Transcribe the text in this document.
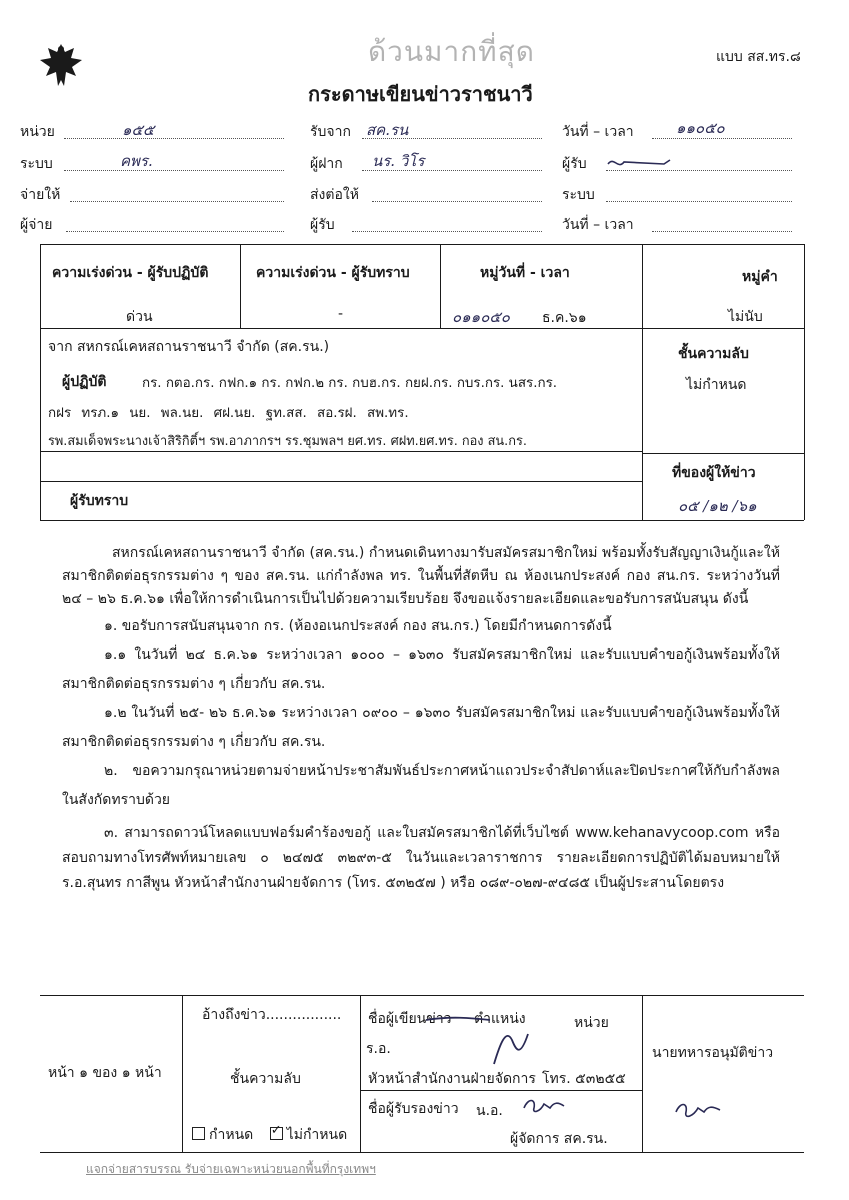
ด้วนมากที่สุด	แบบ สส.ทร.๘
กระดาษเขียนข่าวราชนาวี
หน่วย	๑๕๕	รับจาก สค.รน	วันที่ – เวลา	๑๑๐๕๐
ระบบ	คพร.	ผู้ฝาก นร. วิโร	ผู้รับ
จ่ายให้	ส่งต่อให้	ระบบ
ผู้จ่าย	ผู้รับ	วันที่ – เวลา
ความเร่งด่วน - ผู้รับปฏิบัติ	ความเร่งด่วน - ผู้รับทราบ	หมู่วันที่ - เวลา	หมู่คำ
ด่วน	-	๐๑๑๐๕๐ ธ.ค.๖๑	ไม่นับ
จาก สหกรณ์เคหสถานราชนาวี จำกัด (สค.รน.)	ชั้นความลับ
ไม่กำหนด
ผู้ปฏิบัติ	กร. กตอ.กร. กฟก.๑ กร. กฟก.๒ กร. กบฮ.กร. กยฝ.กร. กบร.กร. นสร.กร.
กฝร ทรภ.๑ นย. พล.นย. ศฝ.นย. ฐท.สส. สอ.รฝ. สพ.ทร.
รพ.สมเด็จพระนางเจ้าสิริกิติ์ฯ รพ.อาภากรฯ รร.ชุมพลฯ ยศ.ทร. ศฝท.ยศ.ทร. กอง สน.กร.
ที่ของผู้ให้ข่าว
๐๕ /๑๒ /๖๑
ผู้รับทราบ

สหกรณ์เคหสถานราชนาวี จำกัด (สค.รน.) กำหนดเดินทางมารับสมัครสมาชิกใหม่ พร้อมทั้งรับสัญญาเงินกู้และให้สมาชิกติดต่อธุรกรรมต่าง ๆ ของ สค.รน. แก่กำลังพล ทร. ในพื้นที่สัตหีบ ณ ห้องเนกประสงค์ กอง สน.กร. ระหว่างวันที่ ๒๔ – ๒๖ ธ.ค.๖๑ เพื่อให้การดำเนินการเป็นไปด้วยความเรียบร้อย จึงขอแจ้งรายละเอียดและขอรับการสนับสนุน ดังนี้

๑. ขอรับการสนับสนุนจาก กร. (ห้องอเนกประสงค์ กอง สน.กร.) โดยมีกำหนดการดังนี้

๑.๑ ในวันที่ ๒๔ ธ.ค.๖๑ ระหว่างเวลา ๑๐๐๐ – ๑๖๓๐ รับสมัครสมาชิกใหม่ และรับแบบคำขอกู้เงินพร้อมทั้งให้สมาชิกติดต่อธุรกรรมต่าง ๆ เกี่ยวกับ สค.รน.

๑.๒ ในวันที่ ๒๕- ๒๖ ธ.ค.๖๑ ระหว่างเวลา ๐๙๐๐ – ๑๖๓๐ รับสมัครสมาชิกใหม่ และรับแบบคำขอกู้เงินพร้อมทั้งให้สมาชิกติดต่อธุรกรรมต่าง ๆ เกี่ยวกับ สค.รน.

๒. ขอความกรุณาหน่วยตามจ่ายหน้าประชาสัมพันธ์ประกาศหน้าแถวประจำสัปดาห์และปิดประกาศให้กับกำลังพลในสังกัดทราบด้วย

๓. สามารถดาวน์โหลดแบบฟอร์มคำร้องขอกู้ และใบสมัครสมาชิกได้ที่เว็บไซต์ www.kehanavycoop.com หรือสอบถามทางโทรศัพท์หมายเลข ๐ ๒๔๗๕ ๓๒๙๓-๕ ในวันและเวลาราชการ รายละเอียดการปฏิบัติได้มอบหมายให้ ร.อ.สุนทร กาสีพูน หัวหน้าสำนักงานฝ่ายจัดการ (โทร. ๕๓๒๕๗ ) หรือ ๐๘๙-๐๒๗-๙๔๘๕ เป็นผู้ประสานโดยตรง

หน้า ๑ ของ ๑ หน้า
อ้างถึงข่าว.................
ชั้นความลับ
กำหนด ✓ ไม่กำหนด
ชื่อผู้เขียนข่าว ตำแหน่ง	หน่วย
ร.อ.
หัวหน้าสำนักงานฝ่ายจัดการ โทร. ๕๓๒๕๕
ชื่อผู้รับรองข่าว น.อ.
ผู้จัดการ สค.รน.
นายทหารอนุมัติข่าว
แจกจ่ายสารบรรณ รับจ่ายเฉพาะหน่วยนอกพื้นที่กรุงเทพฯ
